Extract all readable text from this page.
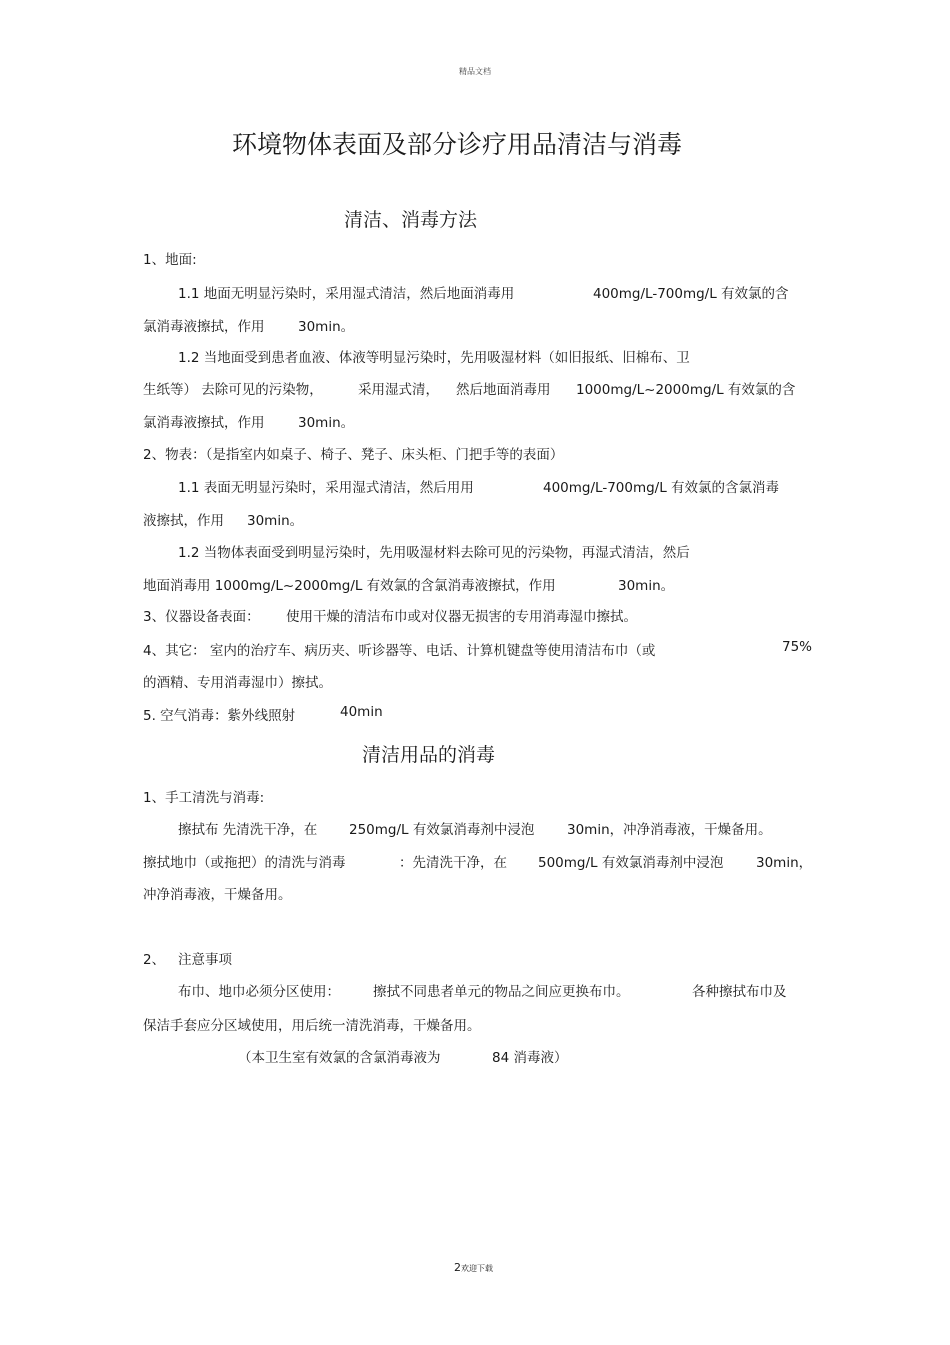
精品文档
环境物体表面及部分诊疗用品清洁与消毒
清洁、消毒方法
1、地面:
1.1 地面无明显污染时，采用湿式清洁，然后地面消毒用	400mg/L-700mg/L 有效氯的含
氯消毒液擦拭，作用 30min。
1.2 当地面受到患者血液、体液等明显污染时，先用吸湿材料（如旧报纸、旧棉布、卫
生纸等） 去除可见的污染物，	采用湿式清， 然后地面消毒用 1000mg/L~2000mg/L 有效氯的含
氯消毒液擦拭，作用 30min。
2、物表：（是指室内如桌子、椅子、凳子、床头柜、门把手等的表面）
1.1 表面无明显污染时，采用湿式清洁，然后用用	400mg/L-700mg/L 有效氯的含氯消毒
液擦拭，作用 30min。
1.2 当物体表面受到明显污染时，先用吸湿材料去除可见的污染物，再湿式清洁，然后
地面消毒用 1000mg/L~2000mg/L 有效氯的含氯消毒液擦拭，作用	30min。
3、仪器设备表面： 使用干燥的清洁布巾或对仪器无损害的专用消毒湿巾擦拭。
4、其它： 室内的治疗车、病历夹、听诊器等、电话、计算机键盘等使用清洁布巾（或	75%
的酒精、专用消毒湿巾）擦拭。
5. 空气消毒：紫外线照射	40min
清洁用品的消毒
1、手工清洗与消毒:
擦拭布 先清洗干净，在 250mg/L 有效氯消毒剂中浸泡 30min，冲净消毒液，干燥备用。
擦拭地巾（或拖把）的清洗与消毒	：先清洗干净，在 500mg/L 有效氯消毒剂中浸泡 30min，
冲净消毒液，干燥备用。
2、 注意事项
布巾、地巾必须分区使用： 擦拭不同患者单元的物品之间应更换布巾。	各种擦拭布巾及
保洁手套应分区域使用，用后统一清洗消毒，干燥备用。
（本卫生室有效氯的含氯消毒液为	84 消毒液）
2欢迎下载
